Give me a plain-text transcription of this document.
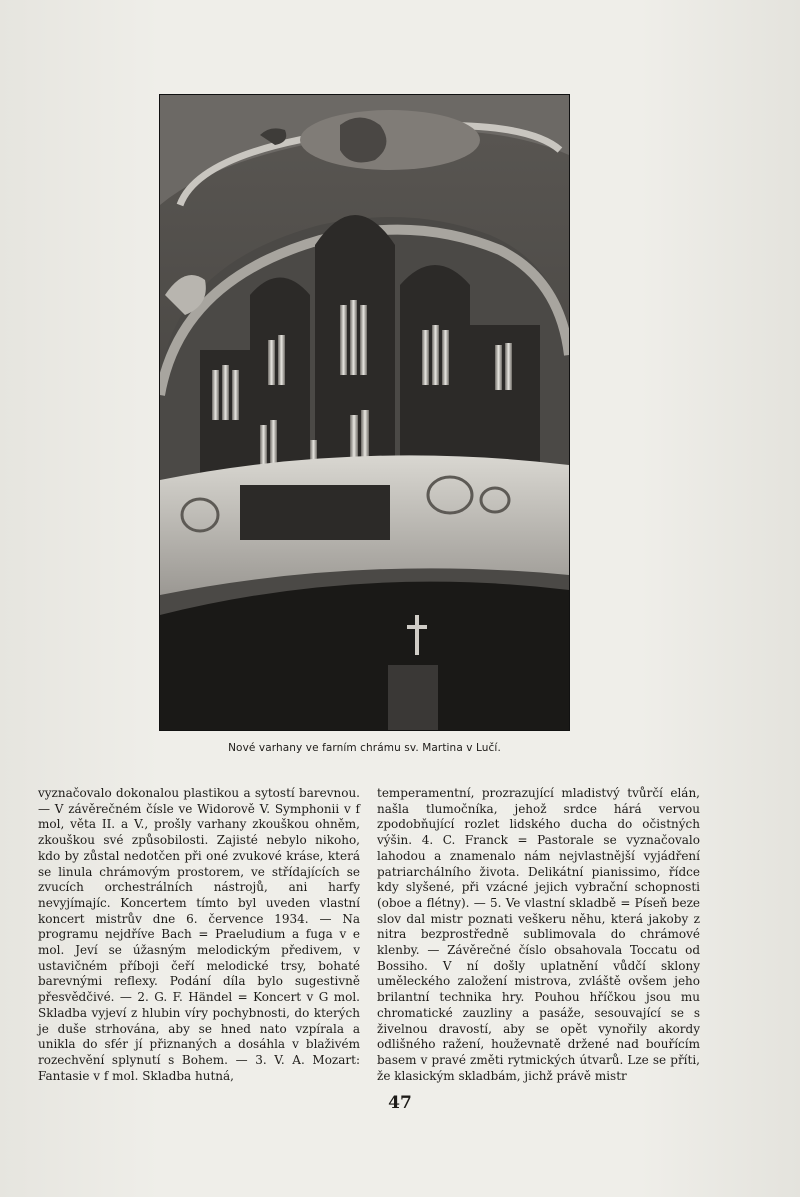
Nové varhany ve farním chrámu sv. Martina v Lučí.
vyznačovalo dokonalou plastikou a sytostí barevnou. — V závěrečném čísle ve Widorově V. Symphonii v f mol, věta II. a V., prošly varhany zkouškou ohněm, zkouškou své způsobilosti. Zajisté nebylo nikoho, kdo by zůstal nedotčen při oné zvukové kráse, která se linula chrámovým prostorem, ve střídajících se zvucích orchestrálních nástrojů, ani harfy nevyjímajíc. Koncertem tímto byl uveden vlastní koncert mistrův dne 6. července 1934. — Na programu nejdříve Bach = Praeludium a fuga v e mol. Jeví se úžasným melodickým předivem, v ustavičném příboji čeří melodické trsy, bohaté barevnými reflexy. Podání díla bylo sugestivně přesvědčivé. — 2. G. F. Händel = Koncert v G mol. Skladba vyjeví z hlubin víry pochybnosti, do kterých je duše strhována, aby se hned nato vzpírala a unikla do sfér jí přiznaných a dosáhla v blaživém rozechvění splynutí s Bohem. — 3. V. A. Mozart: Fantasie v f mol. Skladba hutná,
temperamentní, prozrazující mladistvý tvůrčí elán, našla tlumočníka, jehož srdce hárá vervou zpodobňující rozlet lidského ducha do očistných výšin. 4. C. Franck = Pastorale se vyznačovalo lahodou a znamenalo nám nejvlastnější vyjádření patriarchálního života. Delikátní pianissimo, řídce kdy slyšené, při vzácné jejich vybrační schopnosti (oboe a flétny). — 5. Ve vlastní skladbě = Píseň beze slov dal mistr poznati veškeru něhu, která jakoby z nitra bezprostředně sublimovala do chrámové klenby. — Závěrečné číslo obsahovala Toccatu od Bossiho. V ní došly uplatnění vůdčí sklony uměleckého založení mistrova, zvláště ovšem jeho brilantní technika hry. Pouhou hříčkou jsou mu chromatické zauzliny a pasáže, sesouvající se s živelnou dravostí, aby se opět vynořily akordy odlišného ražení, houževnatě držené nad bouřícím basem v pravé změti rytmických útvarů. Lze se příti, že klasickým skladbám, jichž právě mistr
47
